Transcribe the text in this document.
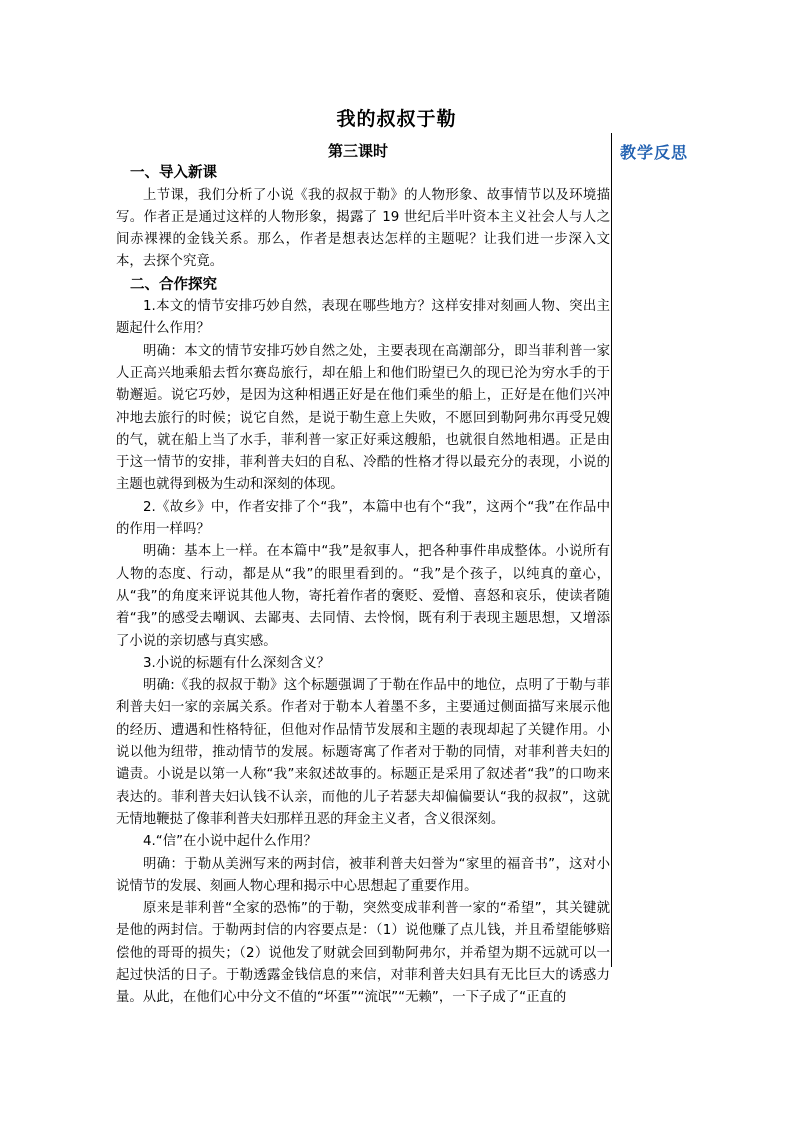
我的叔叔于勒

第三课时

一、导入新课

上节课，我们分析了小说《我的叔叔于勒》的人物形象、故事情节以及环境描写。作者正是通过这样的人物形象，揭露了 19 世纪后半叶资本主义社会人与人之间赤裸裸的金钱关系。那么，作者是想表达怎样的主题呢？让我们进一步深入文本，去探个究竟。

二、合作探究

1.本文的情节安排巧妙自然，表现在哪些地方？这样安排对刻画人物、突出主题起什么作用？

明确：本文的情节安排巧妙自然之处，主要表现在高潮部分，即当菲利普一家人正高兴地乘船去哲尔赛岛旅行，却在船上和他们盼望已久的现已沦为穷水手的于勒邂逅。说它巧妙，是因为这种相遇正好是在他们乘坐的船上，正好是在他们兴冲冲地去旅行的时候；说它自然，是说于勒生意上失败，不愿回到勒阿弗尔再受兄嫂的气，就在船上当了水手，菲利普一家正好乘这艘船，也就很自然地相遇。正是由于这一情节的安排，菲利普夫妇的自私、冷酷的性格才得以最充分的表现，小说的主题也就得到极为生动和深刻的体现。

2.《故乡》中，作者安排了个“我”，本篇中也有个“我”，这两个“我”在作品中的作用一样吗？

明确：基本上一样。在本篇中“我”是叙事人，把各种事件串成整体。小说所有人物的态度、行动，都是从“我”的眼里看到的。“我”是个孩子，以纯真的童心，从“我”的角度来评说其他人物，寄托着作者的褒贬、爱憎、喜怒和哀乐，使读者随着“我”的感受去嘲讽、去鄙夷、去同情、去怜悯，既有利于表现主题思想，又增添了小说的亲切感与真实感。

3.小说的标题有什么深刻含义？

明确:《我的叔叔于勒》这个标题强调了于勒在作品中的地位，点明了于勒与菲利普夫妇一家的亲属关系。作者对于勒本人着墨不多，主要通过侧面描写来展示他的经历、遭遇和性格特征，但他对作品情节发展和主题的表现却起了关键作用。小说以他为纽带，推动情节的发展。标题寄寓了作者对于勒的同情，对菲利普夫妇的谴责。小说是以第一人称“我”来叙述故事的。标题正是采用了叙述者“我”的口吻来表达的。菲利普夫妇认钱不认亲，而他的儿子若瑟夫却偏偏要认“我的叔叔”，这就无情地鞭挞了像菲利普夫妇那样丑恶的拜金主义者，含义很深刻。

4.“信”在小说中起什么作用？

明确：于勒从美洲写来的两封信，被菲利普夫妇誉为“家里的福音书”，这对小说情节的发展、刻画人物心理和揭示中心思想起了重要作用。

原来是菲利普“全家的恐怖”的于勒，突然变成菲利普一家的“希望”，其关键就是他的两封信。于勒两封信的内容要点是：（1）说他赚了点儿钱，并且希望能够赔偿他的哥哥的损失；（2）说他发了财就会回到勒阿弗尔，并希望为期不远就可以一起过快活的日子。于勒透露金钱信息的来信，对菲利普夫妇具有无比巨大的诱惑力量。从此，在他们心中分文不值的“坏蛋”“流氓”“无赖”，一下子成了“正直的

教学反思
